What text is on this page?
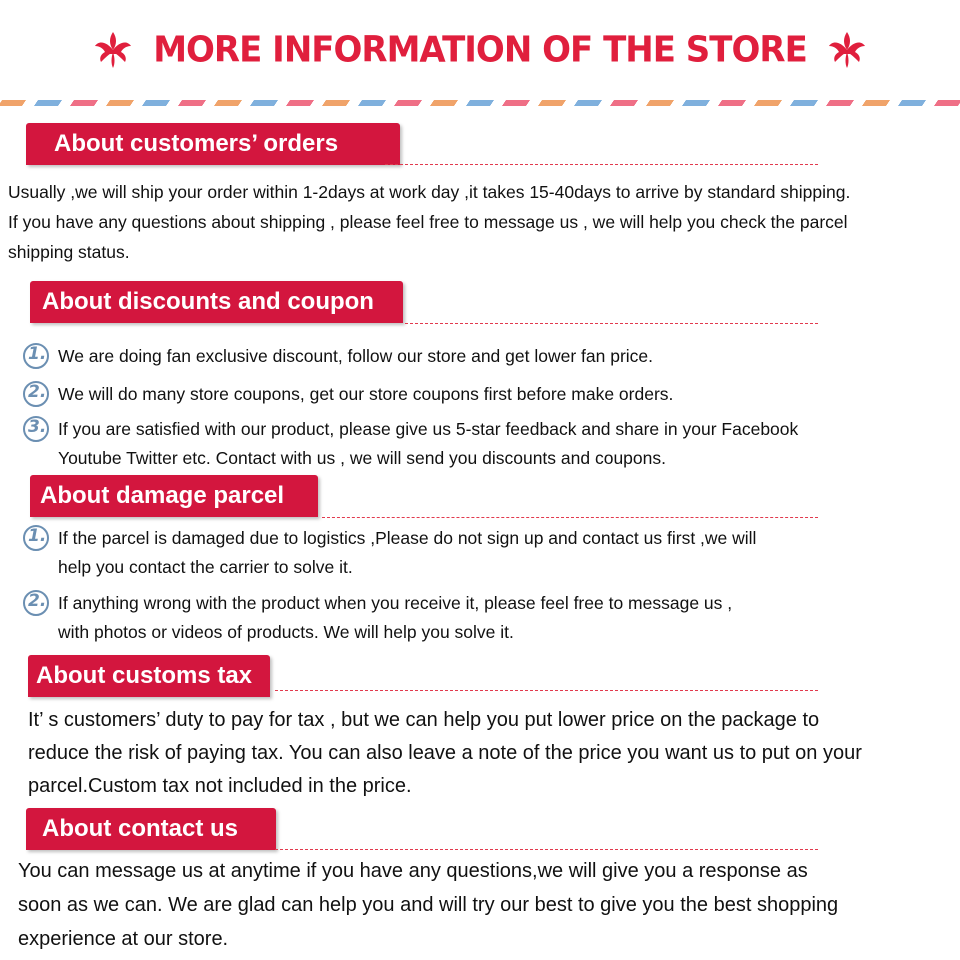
MORE INFORMATION OF THE STORE
About customers’ orders
Usually ,we will ship your order within 1-2days at work day ,it takes 15-40days to arrive by standard shipping.
If you have any questions about shipping , please feel free to message us , we will help you check the parcel
shipping status.
About discounts and coupon
1. We are doing fan exclusive discount, follow our store and get lower fan price.
2. We will do many store coupons, get our store coupons first before make orders.
3. If you are satisfied with our product, please give us 5-star feedback and share in your Facebook
Youtube Twitter etc. Contact with us , we will send you discounts and coupons.
About damage parcel
1. If the parcel is damaged due to logistics ,Please do not sign up and contact us first ,we will
help you contact the carrier to solve it.
2. If anything wrong with the product when you receive it, please feel free to message us ,
with photos or videos of products. We will help you solve it.
About customs tax
It’ s customers’ duty to pay for tax , but we can help you put lower price on the package to
reduce the risk of paying tax. You can also leave a note of the price you want us to put on your
parcel.Custom tax not included in the price.
About contact us
You can message us at anytime if you have any questions,we will give you a response as
soon as we can. We are glad can help you and will try our best to give you the best shopping
experience at our store.
